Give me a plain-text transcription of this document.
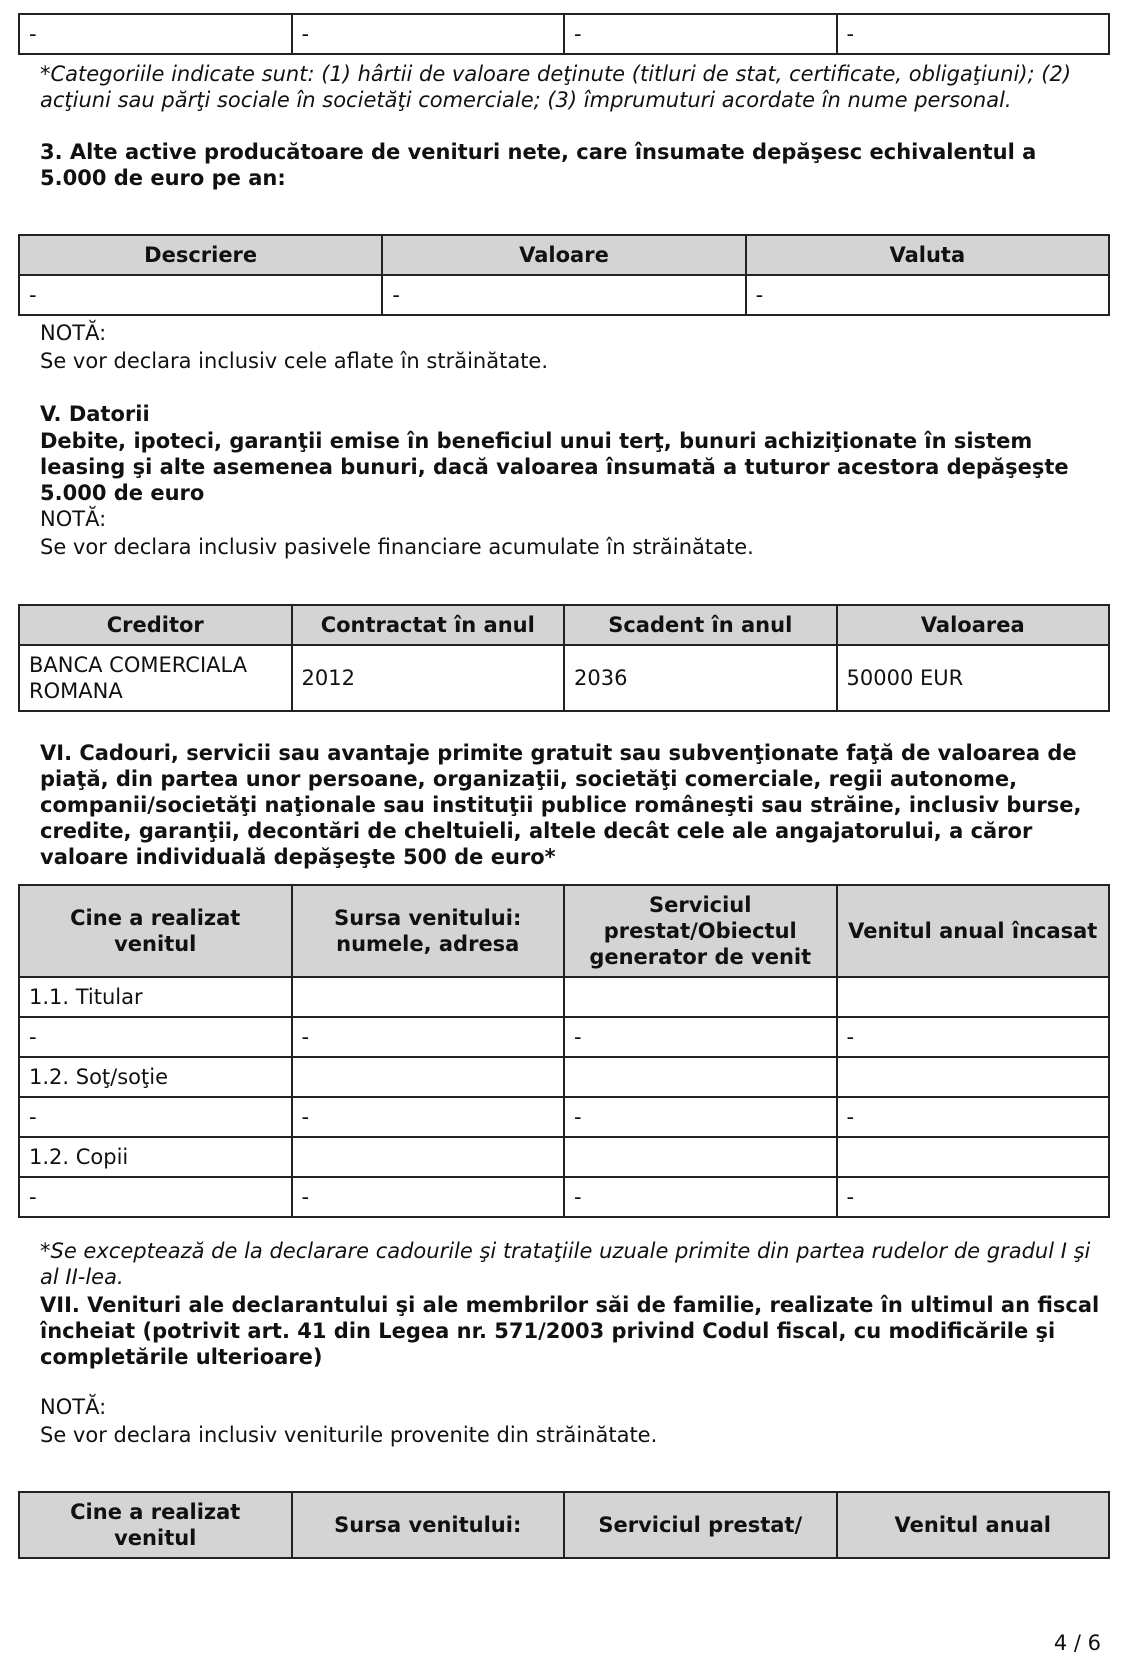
-	-	-	-

*Categoriile indicate sunt: (1) hârtii de valoare deţinute (titluri de stat, certificate, obligaţiuni); (2) acţiuni sau părţi sociale în societăţi comerciale; (3) împrumuturi acordate în nume personal.

3. Alte active producătoare de venituri nete, care însumate depăşesc echivalentul a 5.000 de euro pe an:

Descriere	Valoare	Valuta
-	-	-
NOTĂ:
Se vor declara inclusiv cele aflate în străinătate.
V. Datorii

Debite, ipoteci, garanţii emise în beneficiul unui terţ, bunuri achiziţionate în sistem leasing şi alte asemenea bunuri, dacă valoarea însumată a tuturor acestora depăşeşte 5.000 de euro

NOTĂ:
Se vor declara inclusiv pasivele financiare acumulate în străinătate.
Creditor	Contractat în anul	Scadent în anul	Valoarea
BANCA COMERCIALA ROMANA	2012	2036	50000 EUR

VI. Cadouri, servicii sau avantaje primite gratuit sau subvenţionate faţă de valoarea de piaţă, din partea unor persoane, organizaţii, societăţi comerciale, regii autonome, companii/societăţi naţionale sau instituţii publice româneşti sau străine, inclusiv burse, credite, garanţii, decontări de cheltuieli, altele decât cele ale angajatorului, a căror valoare individuală depăşeşte 500 de euro*

Cine a realizat venitul	Sursa venitului: numele, adresa	Serviciul prestat/Obiectul generator de venit	Venitul anual încasat
1.1. Titular			
-	-	-	-
1.2. Soţ/soţie			
-	-	-	-
1.2. Copii			
-	-	-	-

*Se exceptează de la declarare cadourile şi trataţiile uzuale primite din partea rudelor de gradul I şi al II-lea.

VII. Venituri ale declarantului şi ale membrilor săi de familie, realizate în ultimul an fiscal încheiat (potrivit art. 41 din Legea nr. 571/2003 privind Codul fiscal, cu modificările şi completările ulterioare)

NOTĂ:
Se vor declara inclusiv veniturile provenite din străinătate.
Cine a realizat venitul	Sursa venitului:	Serviciul prestat/	Venitul anual
4 / 6
